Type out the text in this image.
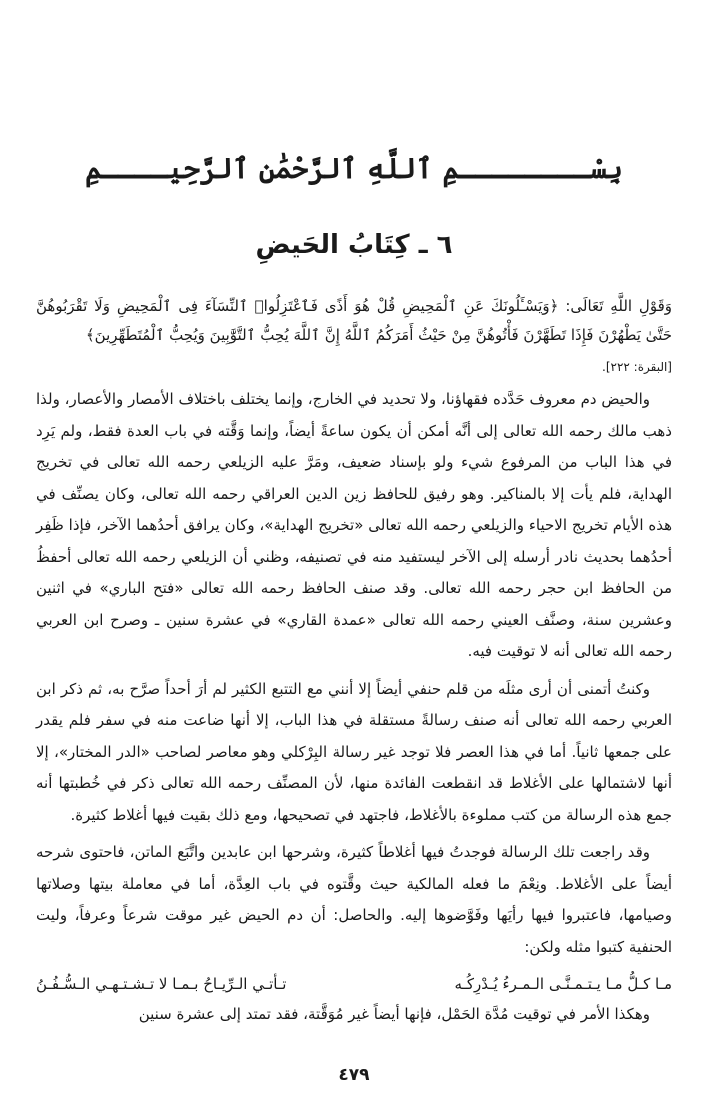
بِسْــــــــمِ ٱللَّهِ ٱلرَّحْمَٰنِ ٱلرَّحِيــــمِ
٦ ـ كِتَابُ الحَيضِ

وَقَوْلِ اللَّهِ تَعَالَى: ﴿وَيَسْـَٔلُونَكَ عَنِ ٱلْمَحِيضِ قُلْ هُوَ أَذًى فَٱعْتَزِلُوا۟ ٱلنِّسَآءَ فِى ٱلْمَحِيضِ وَلَا تَقْرَبُوهُنَّ حَتَّىٰ يَطْهُرْنَ فَإِذَا تَطَهَّرْنَ فَأْتُوهُنَّ مِنْ حَيْثُ أَمَرَكُمُ ٱللَّهُ إِنَّ ٱللَّهَ يُحِبُّ ٱلتَّوَّٰبِينَ وَيُحِبُّ ٱلْمُتَطَهِّرِينَ﴾

[البقرة: ٢٢٢].

والحيض دم معروف حَدَّده فقهاؤنا، ولا تحديد في الخارج، وإنما يختلف باختلاف الأمصار والأعصار، ولذا ذهب مالك رحمه الله تعالى إلى أنَّه أمكن أن يكون ساعةً أيضاً، وإنما وَقَّته في باب العدة فقط، ولم يَرِد في هذا الباب من المرفوع شيء ولو بإسناد ضعيف، ومَرَّ عليه الزيلعي رحمه الله تعالى في تخريج الهداية، فلم يأت إلا بالمناكير. وهو رفيق للحافظ زين الدين العراقي رحمه الله تعالى، وكان يصنِّف في هذه الأيام تخريج الاحياء والزيلعي رحمه الله تعالى «تخريج الهداية»، وكان يرافق أحدُهما الآخر، فإذا ظَفِر أحدُهما بحديث نادر أرسله إلى الآخر ليستفيد منه في تصنيفه، وظني أن الزيلعي رحمه الله تعالى أحفظُ من الحافظ ابن حجر رحمه الله تعالى. وقد صنف الحافظ رحمه الله تعالى «فتح الباري» في اثنين وعشرين سنة، وصنَّف العيني رحمه الله تعالى «عمدة القاري» في عشرة سنين ـ وصرح ابن العربي رحمه الله تعالى أنه لا توقيت فيه.

وكنتُ أتمنى أن أرى مثلَه من قلم حنفي أيضاً إلا أنني مع التتبع الكثير لم أرَ أحداً صرَّح به، ثم ذكر ابن العربي رحمه الله تعالى أنه صنف رسالةً مستقلة في هذا الباب، إلا أنها ضاعت منه في سفر فلم يقدر على جمعها ثانياً. أما في هذا العصر فلا توجد غير رسالة البِرْكلي وهو معاصر لصاحب «الدر المختار»، إلا أنها لاشتمالها على الأغلاط قد انقطعت الفائدة منها، لأن المصنِّف رحمه الله تعالى ذكر في خُطبتها أنه جمع هذه الرسالة من كتب مملوءة بالأغلاط، فاجتهد في تصحيحها، ومع ذلك بقيت فيها أغلاط كثيرة.

وقد راجعت تلك الرسالة فوجدتُ فيها أغلاطاً كثيرة، وشرحها ابن عابدين واتَّبَع الماتن، فاحتوى شرحه أيضاً على الأغلاط. ونِعْمَ ما فعله المالكية حيث وقَّتوه في باب العِدَّة، أما في معاملة بيتها وصلاتها وصيامها، فاعتبروا فيها رأيَها وفَوَّضوها إليه. والحاصل: أن دم الحيض غير موقت شرعاً وعرفاً، وليت الحنفية كتبوا مثله ولكن:

مـا كـلُّ مـا يـتـمـنَّـى الـمـرءُ يُـدْرِكُـه
تـأتـي الـرِّيـاحُ بـمـا لا تـشـتـهـي الـسُّـفُـنُ

وهكذا الأمر في توقيت مُدَّة الحَمْل، فإنها أيضاً غير مُوَقَّتة، فقد تمتد إلى عشرة سنين

٤٧٩
